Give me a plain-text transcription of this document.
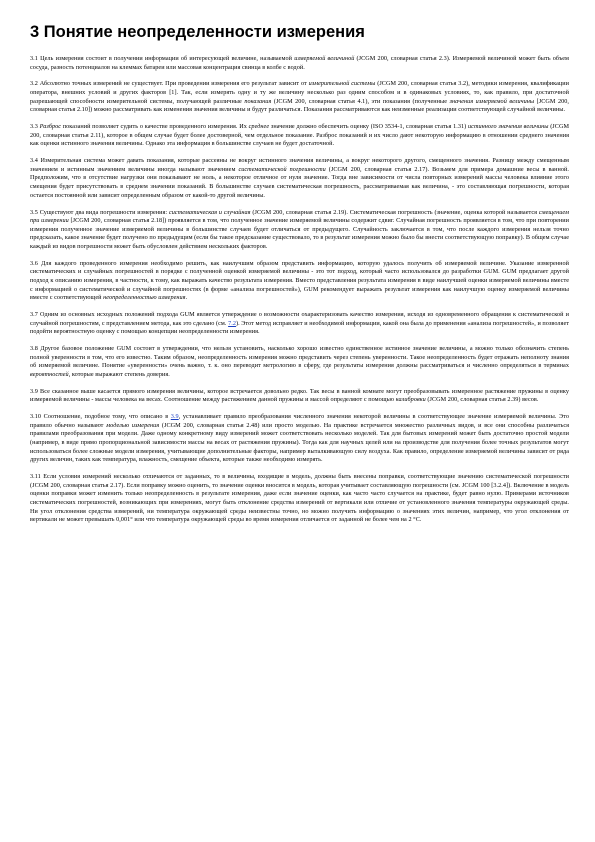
3 Понятие неопределенности измерения

3.1 Цель измерения состоит в получении информации об интересующей величине, называемой измеряемой величиной (JCGM 200, словарная статья 2.3). Измеряемой величиной может быть объем сосуда, разность потенциалов на клеммах батареи или массовая концентрация свинца в колбе с водой.

3.2 Абсолютно точных измерений не существует. При проведении измерения его результат зависит от измерительной системы (JCGM 200, словарная статья 3.2), методики измерения, квалификации оператора, внешних условий и других факторов [1]. Так, если измерять одну и ту же величину несколько раз одним способом и в одинаковых условиях, то, как правило, при достаточной разрешающей способности измерительной системы, получающей различные показания (JCGM 200, словарная статья 4.1), эти показания (полученные значения измеряемой величины [JCGM 200, словарная статья 2.10]) можно рассматривать как изменения значения величины и будут различаться. Показания рассматриваются как неизменные реализации соответствующей случайной величины.

3.3 Разброс показаний позволяет судить о качестве проведенного измерения. Их среднее значение должно обеспечить оценку (ISO 3534-1, словарная статья 1.31) истинного значения величины (JCGM 200, словарная статья 2.11), которое в общем случае будет более достоверной, чем отдельное показание. Разброс показаний и их число дают некоторую информацию в отношении среднего значения как оценки истинного значения величины. Однако эта информация в большинстве случаев не будет достаточной.

3.4 Измерительная система может давать показания, которые рассеяны не вокруг истинного значения величины, а вокруг некоторого другого, смещенного значения. Разницу между смещенным значением и истинным значением величины иногда называют значением систематической погрешности (JCGM 200, словарная статья 2.17). Возьмем для примера домашние весы в ванной. Предположим, что в отсутствие нагрузки они показывают не ноль, а некоторое отличное от нуля значение. Тогда вне зависимости от числа повторных измерений массы человека влияние этого смещения будет присутствовать в среднем значении показаний. В большинстве случаев систематическая погрешность, рассматриваемая как величина, - это составляющая погрешности, которая остается постоянной или зависит определенным образом от какой-то другой величины.

3.5 Существуют два вида погрешности измерения: систематическая и случайная (JCGM 200, словарная статья 2.19). Систематическая погрешность (значение, оценка которой называется смещением при измерении [JCGM 200, словарная статья 2.18]) проявляется в том, что полученное значение измеряемой величины содержит сдвиг. Случайная погрешность проявляется в том, что при повторении измерения полученное значение измеряемой величины в большинстве случаев будет отличаться от предыдущего. Случайность заключается в том, что после каждого измерения нельзя точно предсказать, какое значение будет получено по предыдущим (если бы такое предсказание существовало, то в результат измерения можно было бы внести соответствующую поправку). В общем случае каждый из видов погрешности может быть обусловлен действием нескольких факторов.

3.6 Для каждого проведенного измерения необходимо решить, как наилучшим образом представить информацию, которую удалось получить об измеряемой величине. Указание измеренной систематических и случайных погрешностей в порядке с полученной оценкой измеряемой величины - это тот подход, который часто использовался до разработки GUM. GUM предлагает другой подход к описанию измерения, в частности, к тому, как выражать качество результата измерения. Вместо представления результата измерения в виде наилучшей оценки измеряемой величины вместе с информацией о систематической и случайной погрешностях (в форме «анализа погрешностей»), GUM рекомендует выражать результат измерения как наилучшую оценку измеряемой величины вместе с соответствующей неопределенностью измерения.

3.7 Одним из основных исходных положений подхода GUM является утверждение о возможности охарактеризовать качество измерения, исходя из одновременного обращения к систематической и случайной погрешностям, с представлением метода, как это сделано (см. 7.2). Этот метод исправляет и необходимой информации, какой она была до применения «анализа погрешностей», и позволяет подойти вероятностную оценку с помощью концепции неопределенности измерения.

3.8 Другое базовое положение GUM состоит в утверждении, что нельзя установить, насколько хорошо известно единственное истинное значение величины, а можно только обозначить степень полной уверенности в том, что его известно. Таким образом, неопределенность измерения можно представить через степень уверенности. Такое неопределенность будет отражать неполноту знания об измеряемой величине. Понятие «уверенности» очень важно, т. к. оно переводит метрологию в сферу, где результаты измерения должны рассматриваться и численно определяться в терминах вероятностей, которые выражают степень доверия.

3.9 Все сказанное выше касается прямого измерения величины, которое встречается довольно редко. Так весы в ванной комнате могут преобразовывать измеренное растяжение пружины в оценку измеряемой величины - массы человека на весах. Соотношение между растяжением данной пружины и массой определяют с помощью калибровки (JCGM 200, словарная статья 2.39) весов.

3.10 Соотношение, подобное тому, что описано в 3.9, устанавливает правило преобразования численного значения некоторой величины в соответствующее значение измеряемой величины. Это правило обычно называют моделью измерения (JCGM 200, словарная статья 2.48) или просто моделью. На практике встречается множество различных видов, и все они способны различаться правилами преобразования при модели. Даже одному конкретному виду измерений может соответствовать несколько моделей. Так для бытовых измерений может быть достаточно простой модели (например, в виде прямо пропорциональной зависимости массы на весах от растяжения пружины). Тогда как для научных целей или на производстве для получения более точных результатов могут использоваться более сложные модели измерения, учитывающие дополнительные факторы, например выталкивающую силу воздуха. Как правило, определение измеряемой величины зависит от ряда других величин, таких как температура, влажность, смещение объекта, которые также необходимо измерять.

3.11 Если условия измерений несколько отличаются от заданных, то в величины, входящие в модель, должны быть внесены поправки, соответствующие значению систематической погрешности (JCGM 200, словарная статья 2.17). Если поправку можно оценить, то значение оценки вносится в модель, которая учитывает составляющую погрешности (см. JCGM 100 [3.2.4]). Включение в модель оценки поправки может изменить только неопределенность в результате измерения, даже если значение оценки, как часто часто случается на практике, будет равно нулю. Примерами источников систематических погрешностей, возникающих при измерениях, могут быть отклонение средства измерений от вертикали или отличие от установленного значения температуры окружающей среды. Ни угол отклонения средства измерений, ни температура окружающей среды неизвестны точно, но можно получить информацию о значениях этих величин, например, что угол отклонения от вертикали не может превышать 0,001° или что температура окружающей среды во время измерения отличается от заданной не более чем на 2 °C.
